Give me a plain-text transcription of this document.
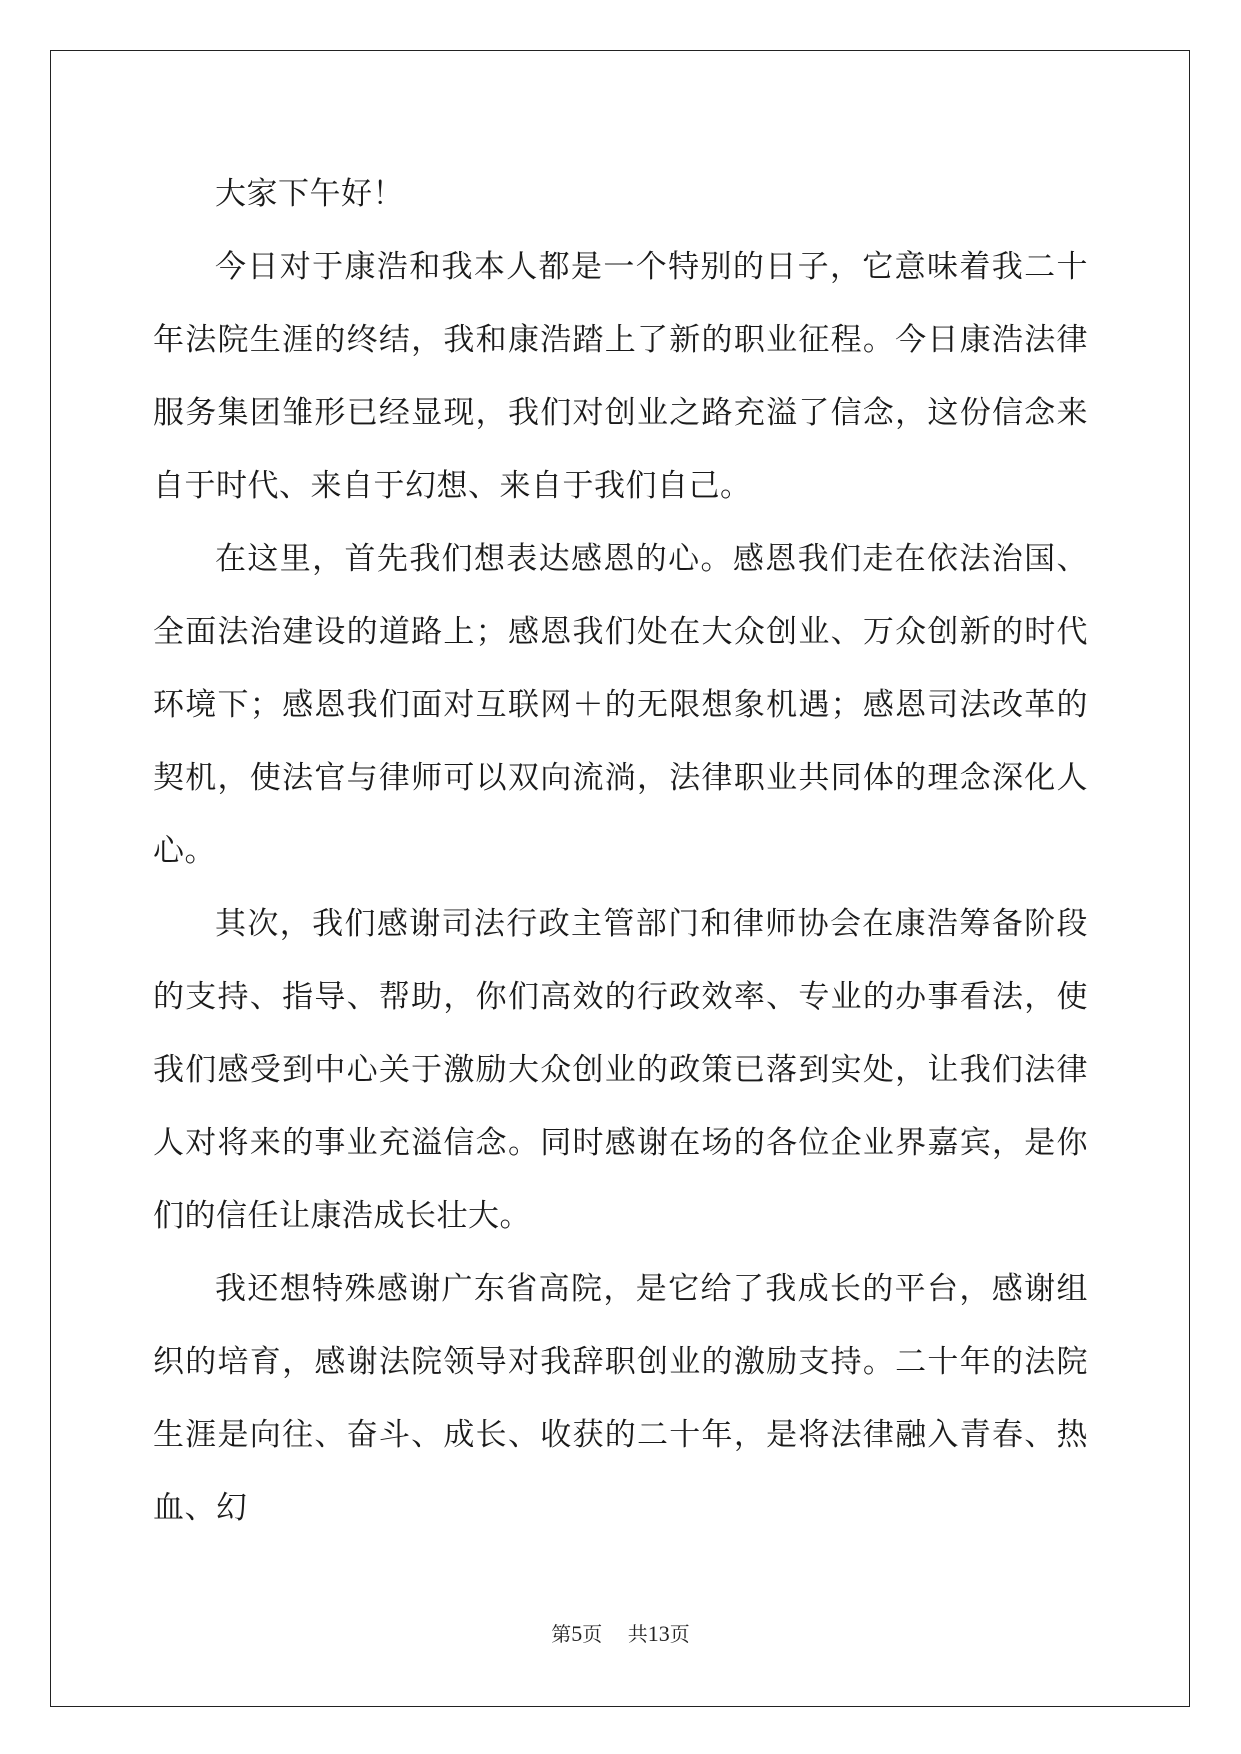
大家下午好！

今日对于康浩和我本人都是一个特别的日子，它意味着我二十年法院生涯的终结，我和康浩踏上了新的职业征程。今日康浩法律服务集团雏形已经显现，我们对创业之路充溢了信念，这份信念来自于时代、来自于幻想、来自于我们自己。

在这里，首先我们想表达感恩的心。感恩我们走在依法治国、全面法治建设的道路上；感恩我们处在大众创业、万众创新的时代环境下；感恩我们面对互联网＋的无限想象机遇；感恩司法改革的契机，使法官与律师可以双向流淌，法律职业共同体的理念深化人心。

其次，我们感谢司法行政主管部门和律师协会在康浩筹备阶段的支持、指导、帮助，你们高效的行政效率、专业的办事看法，使我们感受到中心关于激励大众创业的政策已落到实处，让我们法律人对将来的事业充溢信念。同时感谢在场的各位企业界嘉宾，是你们的信任让康浩成长壮大。

我还想特殊感谢广东省高院，是它给了我成长的平台，感谢组织的培育，感谢法院领导对我辞职创业的激励支持。二十年的法院生涯是向往、奋斗、成长、收获的二十年，是将法律融入青春、热血、幻

第5页 共13页
